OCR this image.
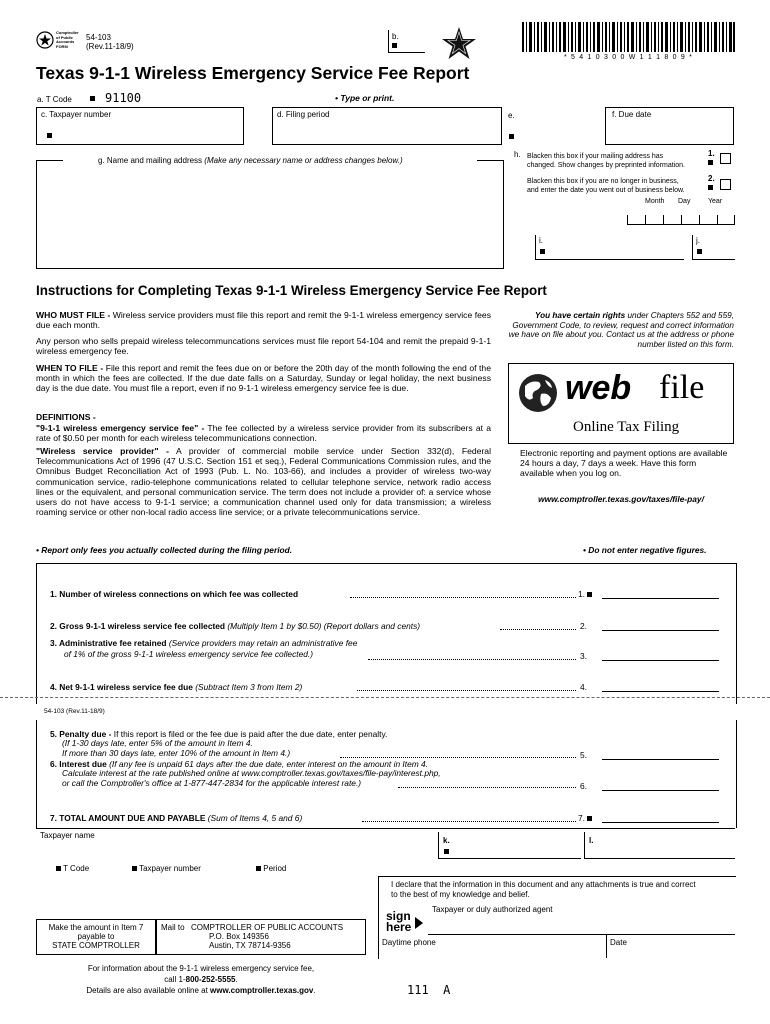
Comptroller
of Public
Accounts
FORM
54-103
(Rev.11-18/9)
b.
* 5 4 1 0 3 0 0 W 1 1 1 8 0 9 *
Texas 9-1-1 Wireless Emergency Service Fee Report
a. T Code	91100	• Type or print.
c. Taxpayer number	d. Filing period	e.	f. Due date
g. Name and mailing address (Make any necessary name or address changes below.)
h. Blacken this box if your mailing address has
changed. Show changes by preprinted information.
1.
Blacken this box if you are no longer in business,
and enter the date you went out of business below.
2.
Month Day	Year
i.	j.
Instructions for Completing Texas 9-1-1 Wireless Emergency Service Fee Report
WHO MUST FILE - Wireless service providers must file this report and remit the 9-1-1 wireless emergency service fees due each month.
Any person who sells prepaid wireless telecommuncations services must file report 54-104 and remit the prepaid 9-1-1 wireless emergency fee.
WHEN TO FILE - File this report and remit the fees due on or before the 20th day of the month following the end of the month in which the fees are collected. If the due date falls on a Saturday, Sunday or legal holiday, the next business day is the due date. You must file a report, even if no 9-1-1 wireless emergency service fee is due.
DEFINITIONS -
"9-1-1 wireless emergency service fee" - The fee collected by a wireless service provider from its subscribers at a rate of $0.50 per month for each wireless telecommunications connection.
"Wireless service provider" - A provider of commercial mobile service under Section 332(d), Federal Telecommunications Act of 1996 (47 U.S.C. Section 151 et seq.), Federal Communications Commission rules, and the Omnibus Budget Reconciliation Act of 1993 (Pub. L. No. 103-66), and includes a provider of wireless two-way communication service, radio-telephone communications related to cellular telephone service, network radio access lines or the equivalent, and personal communication service. The term does not include a provider of: a service whose users do not have access to 9-1-1 service; a communication channel used only for data transmission; a wireless roaming service or other non-local radio access line service; or a private telecommunications service.
You have certain rights under Chapters 552 and 559, Government Code, to review, request and correct information we have on file about you. Contact us at the address or phone number listed on this form.
web file
Online Tax Filing
Electronic reporting and payment options are available 24 hours a day, 7 days a week. Have this form available when you log on.
www.comptroller.texas.gov/taxes/file-pay/
• Report only fees you actually collected during the filing period.	• Do not enter negative figures.
1. Number of wireless connections on which fee was collected	1.
2. Gross 9-1-1 wireless service fee collected (Multiply Item 1 by $0.50) (Report dollars and cents)	2.
3. Administrative fee retained (Service providers may retain an administrative fee
of 1% of the gross 9-1-1 wireless emergency service fee collected.)	3.
4. Net 9-1-1 wireless service fee due (Subtract Item 3 from Item 2)	4.
54-103 (Rev.11-18/9)
5. Penalty due - If this report is filed or the fee due is paid after the due date, enter penalty.
(If 1-30 days late, enter 5% of the amount in Item 4.
If more than 30 days late, enter 10% of the amount in Item 4.)	5.
6. Interest due (If any fee is unpaid 61 days after the due date, enter interest on the amount in Item 4.
Calculate interest at the rate published online at www.comptroller.texas.gov/taxes/file-pay/interest.php,
or call the Comptroller's office at 1-877-447-2834 for the applicable interest rate.)	6.
7. TOTAL AMOUNT DUE AND PAYABLE (Sum of Items 4, 5 and 6)	7.
Taxpayer name
k.	l.
T Code	Taxpayer number	Period
I declare that the information in this document and any attachments is true and correct
to the best of my knowledge and belief.
sign
here
Taxpayer or duly authorized agent
Daytime phone	Date
Make the amount in Item 7
payable to
STATE COMPTROLLER
Mail to COMPTROLLER OF PUBLIC ACCOUNTS
P.O. Box 149356
Austin, TX 78714-9356
For information about the 9-1-1 wireless emergency service fee,
call 1-800-252-5555.
Details are also available online at www.comptroller.texas.gov.	111  A
